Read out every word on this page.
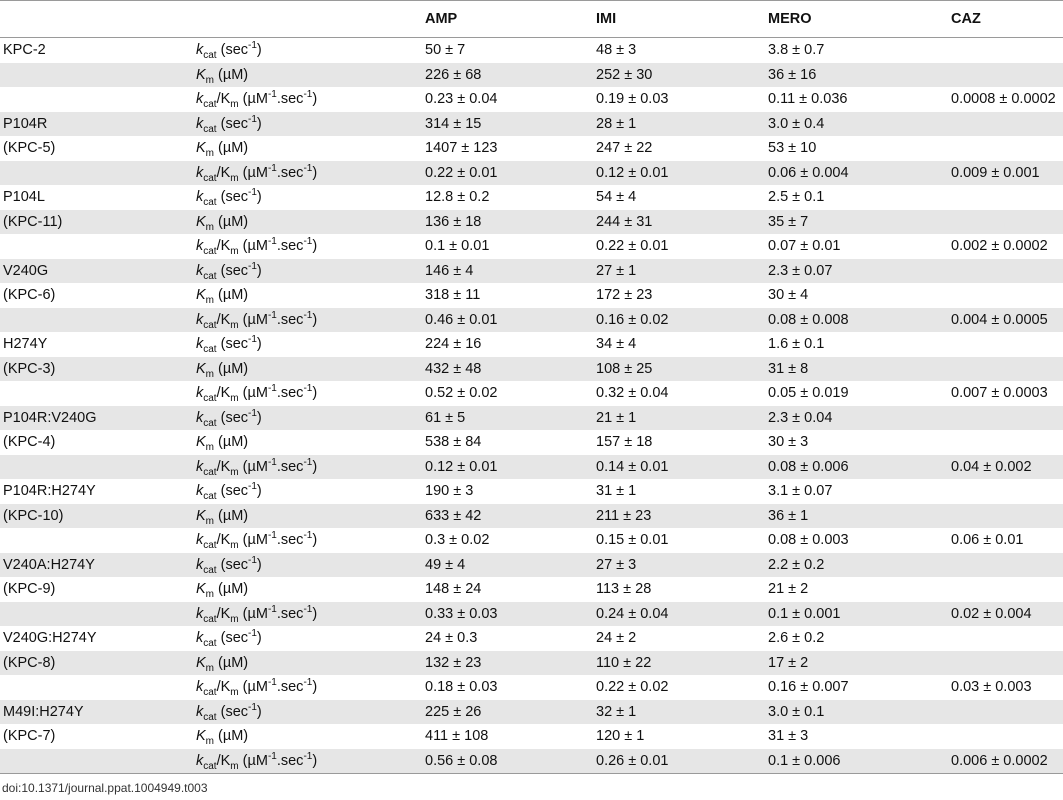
		AMP	IMI	MERO	CAZ
KPC-2	$k_{cat}$ $(\sec^{-1})$	50 ± 7	48 ± 3	3.8 ± 0.7	
	$K_m$ (µM)	226 ± 68	252 ± 30	36 ± 16	
	$k_{cat}/K_m$ $(\mu M^{-1}.\sec^{-1})$	0.23 ± 0.04	0.19 ± 0.03	0.11 ± 0.036	0.0008 ± 0.0002
P104R	$k_{cat}$ $(\sec^{-1})$	314 ± 15	28 ± 1	3.0 ± 0.4	
(KPC-5)	$K_m$ (µM)	1407 ± 123	247 ± 22	53 ± 10	
	$k_{cat}/K_m$ $(\mu M^{-1}.\sec^{-1})$	0.22 ± 0.01	0.12 ± 0.01	0.06 ± 0.004	0.009 ± 0.001
P104L	$k_{cat}$ $(\sec^{-1})$	12.8 ± 0.2	54 ± 4	2.5 ± 0.1	
(KPC-11)	$K_m$ (µM)	136 ± 18	244 ± 31	35 ± 7	
	$k_{cat}/K_m$ $(\mu M^{-1}.\sec^{-1})$	0.1 ± 0.01	0.22 ± 0.01	0.07 ± 0.01	0.002 ± 0.0002
V240G	$k_{cat}$ $(\sec^{-1})$	146 ± 4	27 ± 1	2.3 ± 0.07	
(KPC-6)	$K_m$ (µM)	318 ± 11	172 ± 23	30 ± 4	
	$k_{cat}/K_m$ $(\mu M^{-1}.\sec^{-1})$	0.46 ± 0.01	0.16 ± 0.02	0.08 ± 0.008	0.004 ± 0.0005
H274Y	$k_{cat}$ $(\sec^{-1})$	224 ± 16	34 ± 4	1.6 ± 0.1	
(KPC-3)	$K_m$ (µM)	432 ± 48	108 ± 25	31 ± 8	
	$k_{cat}/K_m$ $(\mu M^{-1}.\sec^{-1})$	0.52 ± 0.02	0.32 ± 0.04	0.05 ± 0.019	0.007 ± 0.0003
P104R:V240G	$k_{cat}$ $(\sec^{-1})$	61 ± 5	21 ± 1	2.3 ± 0.04	
(KPC-4)	$K_m$ (µM)	538 ± 84	157 ± 18	30 ± 3	
	$k_{cat}/K_m$ $(\mu M^{-1}.\sec^{-1})$	0.12 ± 0.01	0.14 ± 0.01	0.08 ± 0.006	0.04 ± 0.002
P104R:H274Y	$k_{cat}$ $(\sec^{-1})$	190 ± 3	31 ± 1	3.1 ± 0.07	
(KPC-10)	$K_m$ (µM)	633 ± 42	211 ± 23	36 ± 1	
	$k_{cat}/K_m$ $(\mu M^{-1}.\sec^{-1})$	0.3 ± 0.02	0.15 ± 0.01	0.08 ± 0.003	0.06 ± 0.01
V240A:H274Y	$k_{cat}$ $(\sec^{-1})$	49 ± 4	27 ± 3	2.2 ± 0.2	
(KPC-9)	$K_m$ (µM)	148 ± 24	113 ± 28	21 ± 2	
	$k_{cat}/K_m$ $(\mu M^{-1}.\sec^{-1})$	0.33 ± 0.03	0.24 ± 0.04	0.1 ± 0.001	0.02 ± 0.004
V240G:H274Y	$k_{cat}$ $(\sec^{-1})$	24 ± 0.3	24 ± 2	2.6 ± 0.2	
(KPC-8)	$K_m$ (µM)	132 ± 23	110 ± 22	17 ± 2	
	$k_{cat}/K_m$ $(\mu M^{-1}.\sec^{-1})$	0.18 ± 0.03	0.22 ± 0.02	0.16 ± 0.007	0.03 ± 0.003
M49I:H274Y	$k_{cat}$ $(\sec^{-1})$	225 ± 26	32 ± 1	3.0 ± 0.1	
(KPC-7)	$K_m$ (µM)	411 ± 108	120 ± 1	31 ± 3	
	$k_{cat}/K_m$ $(\mu M^{-1}.\sec^{-1})$	0.56 ± 0.08	0.26 ± 0.01	0.1 ± 0.006	0.006 ± 0.0002
doi:10.1371/journal.ppat.1004949.t003
